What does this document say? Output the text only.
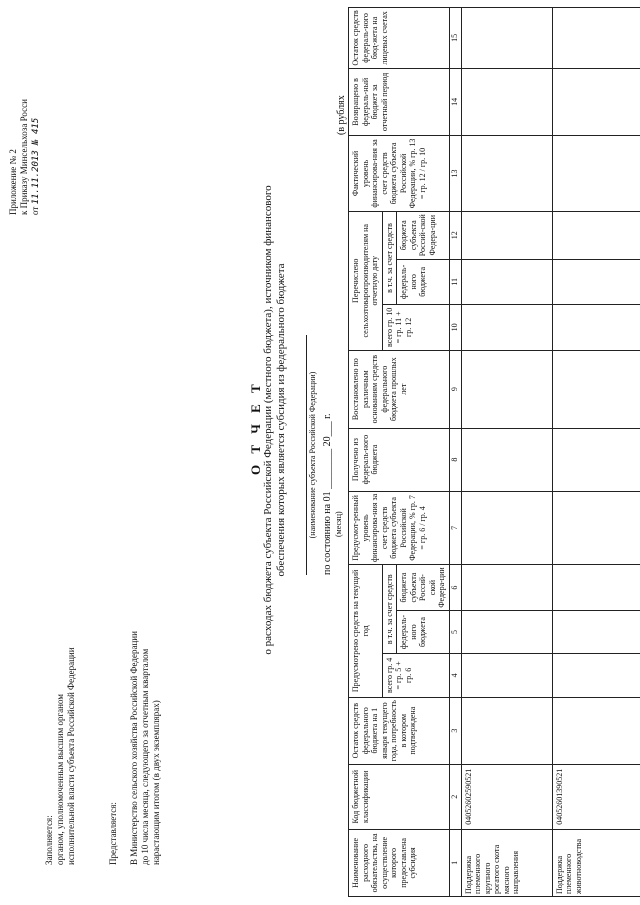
Приложение № 2 к Приказу Минсельхоза Росси от 11.11.2013 № 415
Заполняется: органом, уполномоченным высшим органом исполнительной власти субъекта Российской Федерации	Представляется: В Министерство сельского хозяйства Российской Федерации до 10 числа месяца, следующего за отчетным кварталом нарастающим итогом (в двух экземплярах)
О Т Ч Е Т о расходах бюджета субъекта Российской Федерации (местного бюджета), источником финансового обеспечения которых является субсидия из федерального бюджета	(наименование субъекта Российской Федерации) по состоянию на 01 ________ 20___ г. (месяц)
(в рублях
Наименование расходного обязательства, на осуществление которого предоставлена субсидия	Код бюджетной классификации	Остаток средств федерального бюджета на 1 января текущего года, потребность в котором подтверждена	Предусмотрено средств на текущий год			Предусмот-ренный уровень финансирова-ния за счет средств бюджета субъекта Российской Федерации, % гр. 7 = гр. 6 / гр. 4	Получено из федераль-ного бюджета	Восстановлено по различным основаниям средств федерального бюджета прошлых лет	Перечислено сельхозтоваропроизводителям на отчетную дату			Фактический уровень финансирова-ния за счет средств бюджета субъекта Российской Федерации, % гр. 13 = гр. 12 / гр. 10	Возвращено в федераль-ный бюджет за отчетный период	Остаток средств федераль-ного бюд-жета на лицевых счетах
			всего гр. 4 = гр. 5 + гр. 6	в т.ч. за счет средств					всего гр. 10 = гр. 11 + гр. 12	в т.ч. за счет средств				
				федераль-ного бюджета	бюджета субъекта Россий-ской Федера-ции					федераль-ного бюджета	бюджета субъекта Россий-ской Федера-ции			
1	2	3	4	5	6	7	8	9	10	11	12	13	14	15
Поддержка племенного крупного рогатого скота мясного направления	04052602590521													
Поддержка племенного животноводства	04052601390521													
